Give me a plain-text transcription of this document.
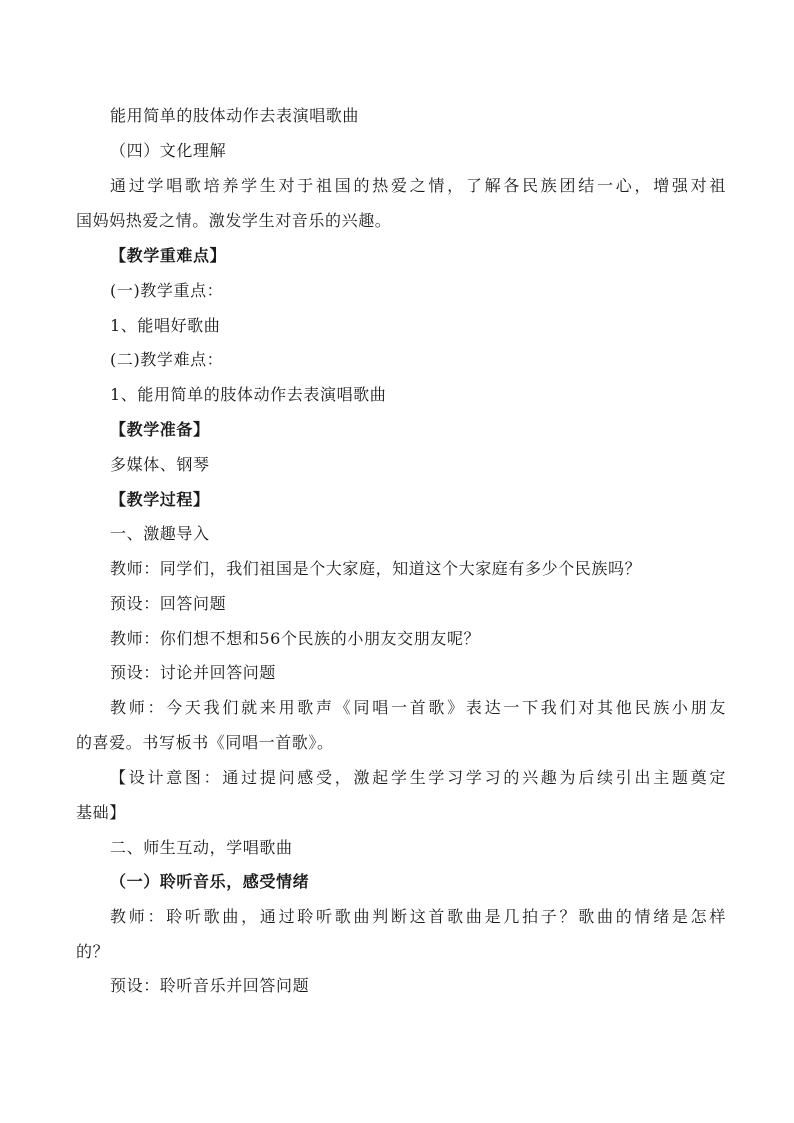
能用简单的肢体动作去表演唱歌曲
（四）文化理解
通过学唱歌培养学生对于祖国的热爱之情，了解各民族团结一心，增强对祖
国妈妈热爱之情。激发学生对音乐的兴趣。
【教学重难点】
(一)教学重点：
1、能唱好歌曲
(二)教学难点：
1、能用简单的肢体动作去表演唱歌曲
【教学准备】
多媒体、钢琴
【教学过程】
一、激趣导入
教师：同学们，我们祖国是个大家庭，知道这个大家庭有多少个民族吗？
预设：回答问题
教师：你们想不想和56个民族的小朋友交朋友呢？
预设：讨论并回答问题
教师：今天我们就来用歌声《同唱一首歌》表达一下我们对其他民族小朋友
的喜爱。书写板书《同唱一首歌》。
【设计意图：通过提问感受，激起学生学习学习的兴趣为后续引出主题奠定
基础】
二、师生互动，学唱歌曲
（一）聆听音乐，感受情绪
教师：聆听歌曲，通过聆听歌曲判断这首歌曲是几拍子？歌曲的情绪是怎样
的？
预设：聆听音乐并回答问题
